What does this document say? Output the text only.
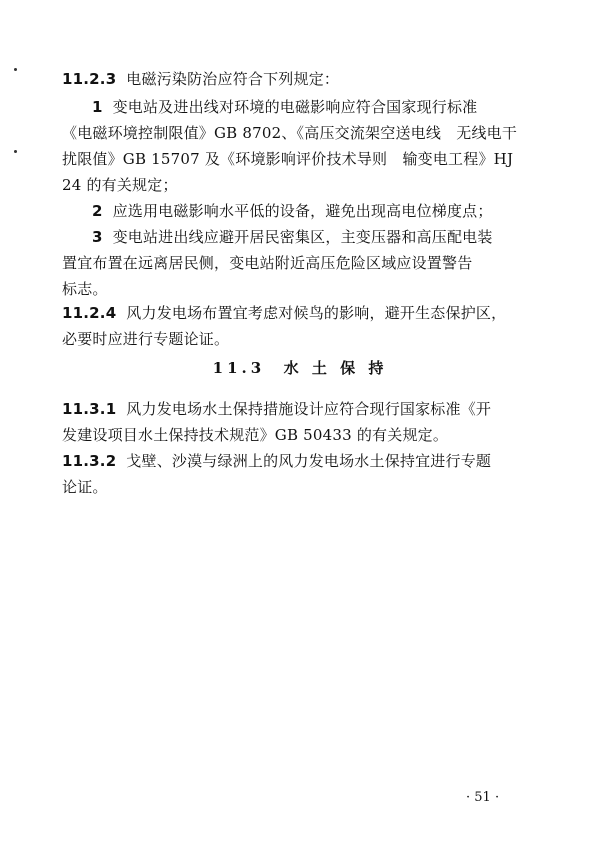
11.2.3 电磁污染防治应符合下列规定：
1 变电站及进出线对环境的电磁影响应符合国家现行标准
《电磁环境控制限值》GB 8702、《高压交流架空送电线　无线电干
扰限值》GB 15707 及《环境影响评价技术导则　输变电工程》HJ
24 的有关规定；
2 应选用电磁影响水平低的设备，避免出现高电位梯度点；
3 变电站进出线应避开居民密集区，主变压器和高压配电装
置宜布置在远离居民侧，变电站附近高压危险区域应设置警告
标志。
11.2.4 风力发电场布置宜考虑对候鸟的影响，避开生态保护区，
必要时应进行专题论证。
11.3 水 土 保 持
11.3.1 风力发电场水土保持措施设计应符合现行国家标准《开
发建设项目水土保持技术规范》GB 50433 的有关规定。
11.3.2 戈壁、沙漠与绿洲上的风力发电场水土保持宜进行专题
论证。
· 51 ·
